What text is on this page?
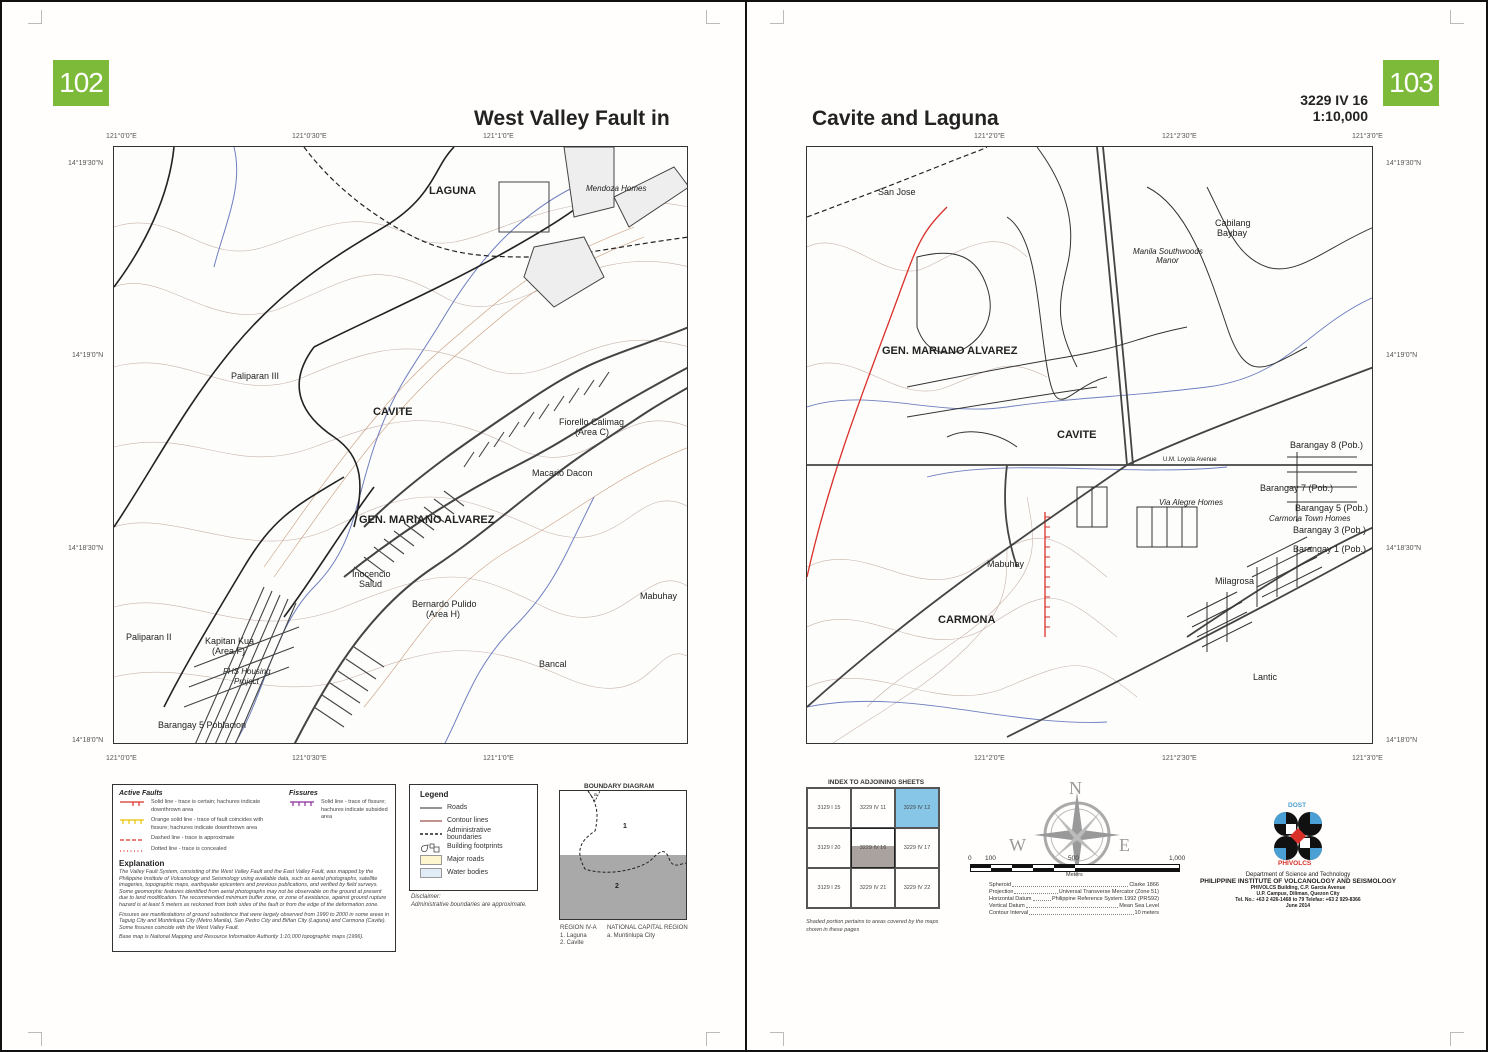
102
West Valley Fault in
121°0'0"E	121°0'30"E	121°1'0"E
121°0'0"E	121°0'30"E	121°1'0"E
14°19'30"N
14°19'0"N
14°18'30"N
14°18'0"N
LAGUNA	Mendoza Homes
Paliparan III
CAVITE
Fiorello Calimag
(Area C)
Macario Dacon
GEN. MARIANO ALVAREZ
Inocencio
Salud
Bernardo Pulido
(Area H)
Mabuhay
Paliparan II	Kapitan Kua
(Area F)
FHS Housing
Project
Bancal
Barangay 5 Poblacion
Active Faults
Solid line - trace is certain; hachures indicate downthrown area
Orange solid line - trace of fault coincides with fissure; hachures indicate downthrown area
Dashed line - trace is approximate
Dotted line - trace is concealed
Fissures
Solid line - trace of fissure; hachures indicate subsided area
Explanation
The Valley Fault System, consisting of the West Valley Fault and the East Valley Fault, was mapped by the Philippine Institute of Volcanology and Seismology using available data, such as aerial photographs, satellite imageries, topographic maps, earthquake epicenters and previous publications, and verified by field surveys. Some geomorphic features identified from aerial photographs may not be observable on the ground at present due to land modification. The recommended minimum buffer zone, or zone of avoidance, against ground rupture hazard is at least 5 meters as reckoned from both sides of the fault or from the edge of the deformation zone.
Fissures are manifestations of ground subsidence that were largely observed from 1990 to 2000 in some areas in Taguig City and Muntinlupa City (Metro Manila), San Pedro City and Biñan City (Laguna) and Carmona (Cavite). Some fissures coincide with the West Valley Fault.
Base map is National Mapping and Resource Information Authority 1:10,000 topographic maps (1996).
Legend
Roads
Contour lines
Administrative boundaries
Building footprints
Major roads
Water bodies
Disclaimer:
Administrative boundaries are approximate.
BOUNDARY DIAGRAM
a
1
2
REGION IV-A
1. Laguna
2. Cavite
NATIONAL CAPITAL REGION
a. Muntinlupa City
103
Cavite and Laguna
3229 IV 16
1:10,000
121°2'0"E	121°2'30"E	121°3'0"E
121°2'0"E	121°2'30"E	121°3'0"E
14°19'30"N
14°19'0"N
14°18'30"N
14°18'0"N
San Jose
Cabilang
Baybay
Manila Southwoods
Manor
GEN. MARIANO ALVAREZ
CAVITE
Barangay 8 (Pob.)
U.M. Loyola Avenue
Barangay 7 (Pob.)
Via Alegre Homes
Barangay 5 (Pob.)
Carmona Town Homes
Barangay 3 (Pob.)
Barangay 1 (Pob.)
Mabuhay
Milagrosa
CARMONA
Lantic
INDEX TO ADJOINING SHEETS
3129 I 15	3229 IV 11	3229 IV 12
3129 I 20	3229 IV 16	3229 IV 17
3129 I 25	3229 IV 21	3229 IV 22
Shaded portion pertains to areas covered by the maps shown in these pages
N
W	E
0 100	500	1,000
Meters
Spheroid	Clarke 1866
Projection	Universal Transverse Mercator (Zone 51)
Horizontal Datum	Philippine Reference System 1992 (PRS92)
Vertical Datum	Mean Sea Level
Contour Interval	10 meters
DOST
PHIVOLCS
Department of Science and Technology
PHILIPPINE INSTITUTE OF VOLCANOLOGY AND SEISMOLOGY
PHIVOLCS Building, C.P. Garcia Avenue
U.P. Campus, Diliman, Quezon City
Tel. No.: +63 2 426-1468 to 79 Telefax: +63 2 929-8366
June 2014
